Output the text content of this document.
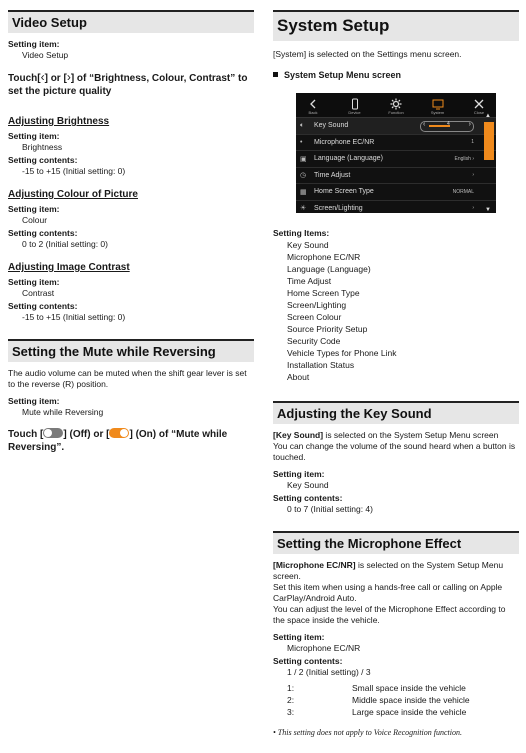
Video Setup
Setting item:
Video Setup
Touch[‹] or [›] of “Brightness, Colour, Contrast” to set the picture quality
Adjusting Brightness
Setting item:
Brightness
Setting contents:
-15 to +15 (Initial setting: 0)
Adjusting Colour of Picture
Setting item:
Colour
Setting contents:
0 to 2 (Initial setting: 0)
Adjusting Image Contrast
Setting item:
Contrast
Setting contents:
-15 to +15 (Initial setting: 0)
Setting the Mute while Reversing
The audio volume can be muted when the shift gear lever is set to the reverse (R) position.
Setting item:
Mute while Reversing
Touch [ ] (Off) or [ ] (On) of “Mute while Reversing”.
System Setup
[System] is selected on the Settings menu screen.
System Setup Menu screen
Back	Device	Function	System	Close
🔈︎	Key Sound	‹	4	›
•	Microphone EC/NR	1
▣	Language (Language)	English ›
◷	Time Adjust	›
▦	Home Screen Type	NORMAL
☀︎	Screen/Lighting	›
▲
▼
Setting Items:
Key Sound
Microphone EC/NR
Language (Language)
Time Adjust
Home Screen Type
Screen/Lighting
Screen Colour
Source Priority Setup
Security Code
Vehicle Types for Phone Link
Installation Status
About
Adjusting the Key Sound
[Key Sound] is selected on the System Setup Menu screen
You can change the volume of the sound heard when a button is touched.
Setting item:
Key Sound
Setting contents:
0 to 7 (Initial setting: 4)
Setting the Microphone Effect
[Microphone EC/NR] is selected on the System Setup Menu screen.
Set this item when using a hands-free call or calling on Apple CarPlay/Android Auto.
You can adjust the level of the Microphone Effect according to the space inside the vehicle.
Setting item:
Microphone EC/NR
Setting contents:
1 / 2 (Initial setting) / 3
1:	Small space inside the vehicle
2:	Middle space inside the vehicle
3:	Large space inside the vehicle
• This setting does not apply to Voice Recognition function.
